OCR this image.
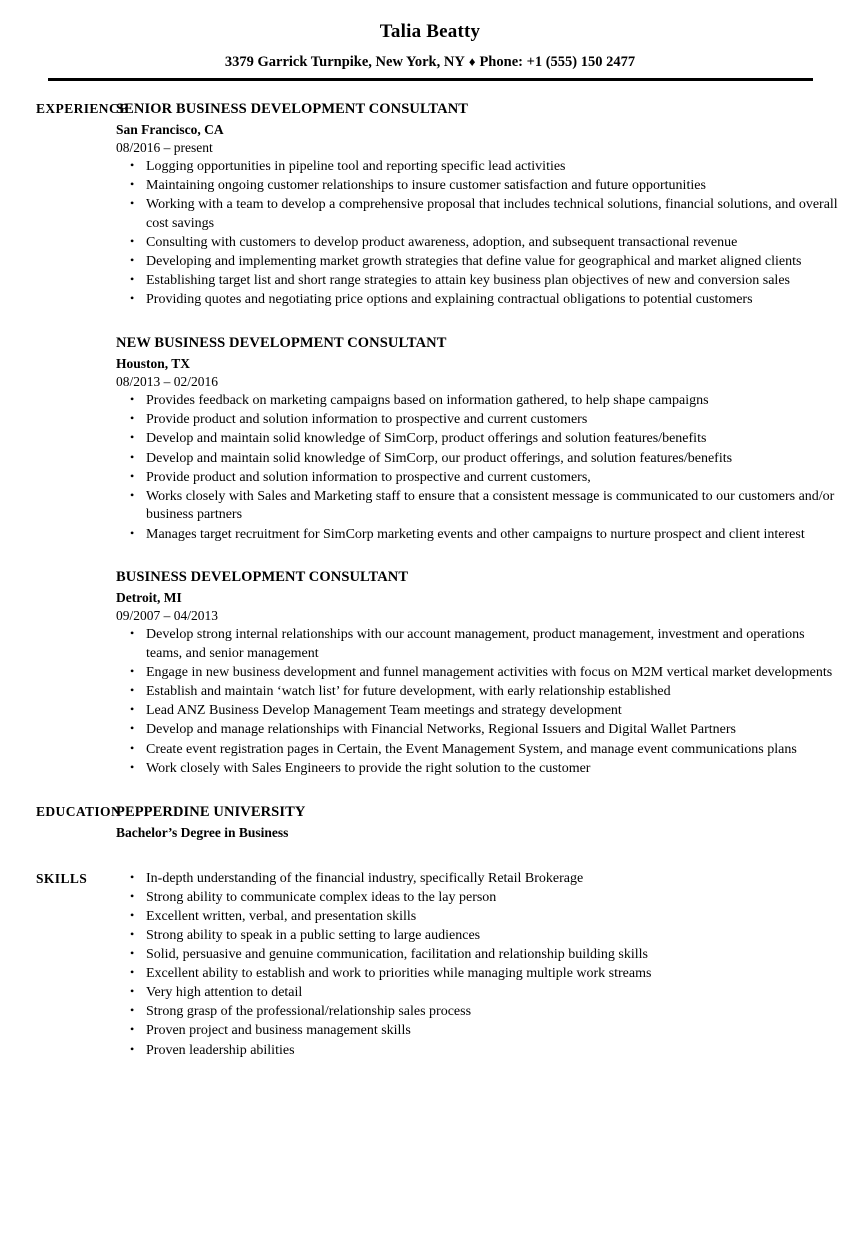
Talia Beatty
3379 Garrick Turnpike, New York, NY ♦ Phone: +1 (555) 150 2477
EXPERIENCE
SENIOR BUSINESS DEVELOPMENT CONSULTANT
San Francisco, CA
08/2016 – present
• Logging opportunities in pipeline tool and reporting specific lead activities
• Maintaining ongoing customer relationships to insure customer satisfaction and future opportunities
• Working with a team to develop a comprehensive proposal that includes technical solutions, financial solutions, and overall cost savings
• Consulting with customers to develop product awareness, adoption, and subsequent transactional revenue
• Developing and implementing market growth strategies that define value for geographical and market aligned clients
• Establishing target list and short range strategies to attain key business plan objectives of new and conversion sales
• Providing quotes and negotiating price options and explaining contractual obligations to potential customers
NEW BUSINESS DEVELOPMENT CONSULTANT
Houston, TX
08/2013 – 02/2016
• Provides feedback on marketing campaigns based on information gathered, to help shape campaigns
• Provide product and solution information to prospective and current customers
• Develop and maintain solid knowledge of SimCorp, product offerings and solution features/benefits
• Develop and maintain solid knowledge of SimCorp, our product offerings, and solution features/benefits
• Provide product and solution information to prospective and current customers,
• Works closely with Sales and Marketing staff to ensure that a consistent message is communicated to our customers and/or business partners
• Manages target recruitment for SimCorp marketing events and other campaigns to nurture prospect and client interest
BUSINESS DEVELOPMENT CONSULTANT
Detroit, MI
09/2007 – 04/2013
• Develop strong internal relationships with our account management, product management, investment and operations teams, and senior management
• Engage in new business development and funnel management activities with focus on M2M vertical market developments
• Establish and maintain ‘watch list’ for future development, with early relationship established
• Lead ANZ Business Develop Management Team meetings and strategy development
• Develop and manage relationships with Financial Networks, Regional Issuers and Digital Wallet Partners
• Create event registration pages in Certain, the Event Management System, and manage event communications plans
• Work closely with Sales Engineers to provide the right solution to the customer
EDUCATION
PEPPERDINE UNIVERSITY
Bachelor’s Degree in Business
SKILLS	• In-depth understanding of the financial industry, specifically Retail Brokerage
• Strong ability to communicate complex ideas to the lay person
• Excellent written, verbal, and presentation skills
• Strong ability to speak in a public setting to large audiences
• Solid, persuasive and genuine communication, facilitation and relationship building skills
• Excellent ability to establish and work to priorities while managing multiple work streams
• Very high attention to detail
• Strong grasp of the professional/relationship sales process
• Proven project and business management skills
• Proven leadership abilities
